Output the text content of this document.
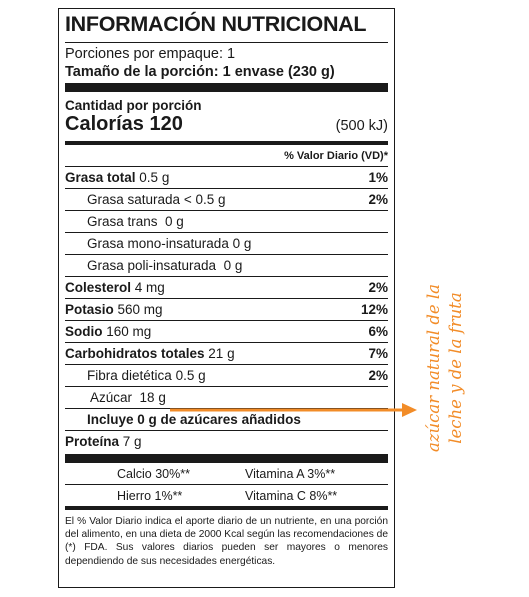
INFORMACIÓN NUTRICIONAL
Porciones por empaque: 1
Tamaño de la porción: 1 envase (230 g)
Cantidad por porción
Calorías 120	(500 kJ)
% Valor Diario (VD)*
Grasa total 0.5 g	1%
Grasa saturada < 0.5 g	2%
Grasa trans 0 g
Grasa mono-insaturada 0 g
Grasa poli-insaturada 0 g
Colesterol 4 mg	2%
Potasio 560 mg	12%
Sodio 160 mg	6%
Carbohidratos totales 21 g	7%
Fibra dietética 0.5 g	2%
Azúcar 18 g
Incluye 0 g de azúcares añadidos
Proteína 7 g
Calcio 30%**	Vitamina A 3%**
Hierro 1%**	Vitamina C 8%**
El % Valor Diario indica el aporte diario de un nutriente, en una porción del alimento, en una dieta de 2000 Kcal según las recomendaciones de (*) FDA. Sus valores diarios pueden ser mayores o menores dependiendo de sus necesidades energéticas.
azúcar natural de la leche y de la fruta
